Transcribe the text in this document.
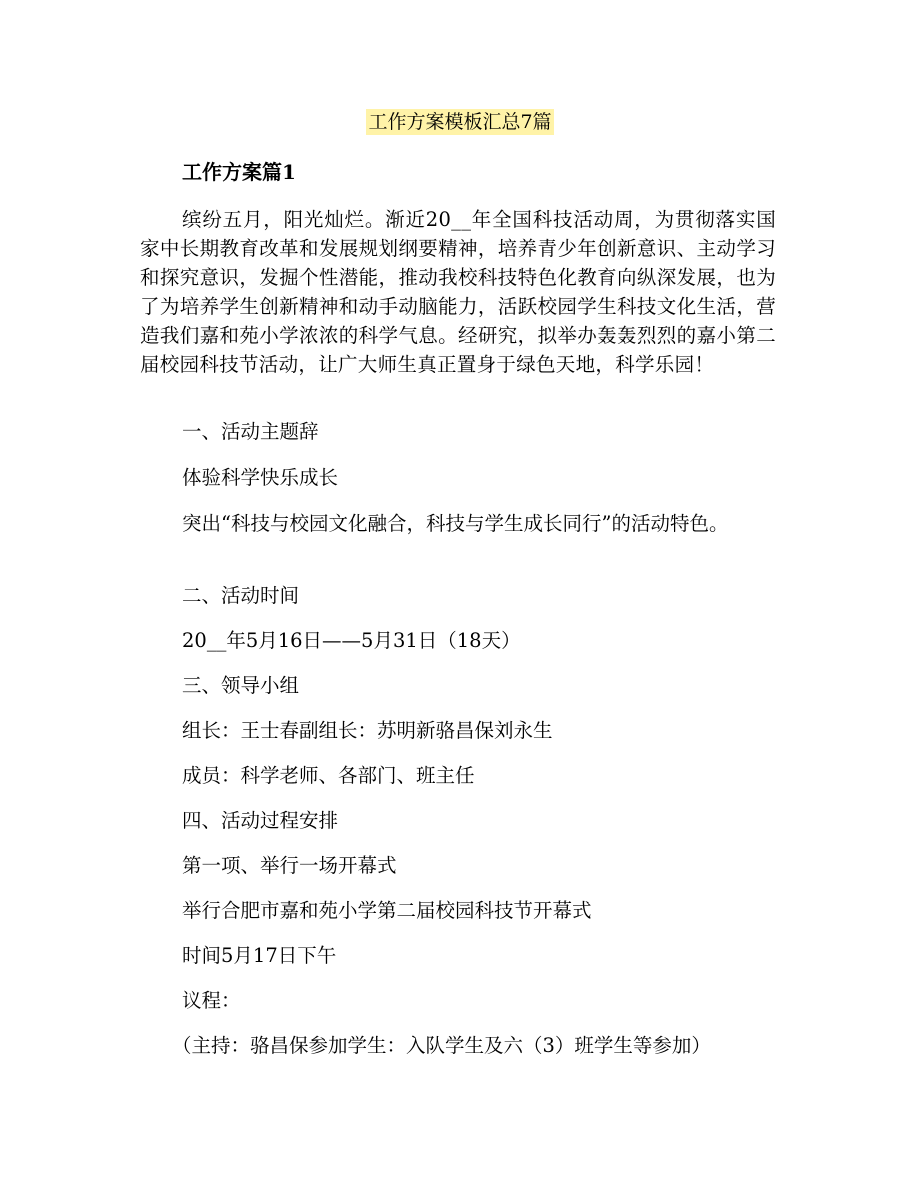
工作方案模板汇总7篇
工作方案篇1

缤纷五月，阳光灿烂。渐近20__年全国科技活动周，为贯彻落实国家中长期教育改革和发展规划纲要精神，培养青少年创新意识、主动学习和探究意识，发掘个性潜能，推动我校科技特色化教育向纵深发展，也为了为培养学生创新精神和动手动脑能力，活跃校园学生科技文化生活，营造我们嘉和苑小学浓浓的科学气息。经研究，拟举办轰轰烈烈的嘉小第二届校园科技节活动，让广大师生真正置身于绿色天地，科学乐园！

一、活动主题辞

体验科学快乐成长

突出“科技与校园文化融合，科技与学生成长同行”的活动特色。

二、活动时间

20__年5月16日——5月31日（18天）

三、领导小组

组长：王士春副组长：苏明新骆昌保刘永生

成员：科学老师、各部门、班主任

四、活动过程安排

第一项、举行一场开幕式

举行合肥市嘉和苑小学第二届校园科技节开幕式

时间5月17日下午

议程：

（主持：骆昌保参加学生：入队学生及六（3）班学生等参加）
